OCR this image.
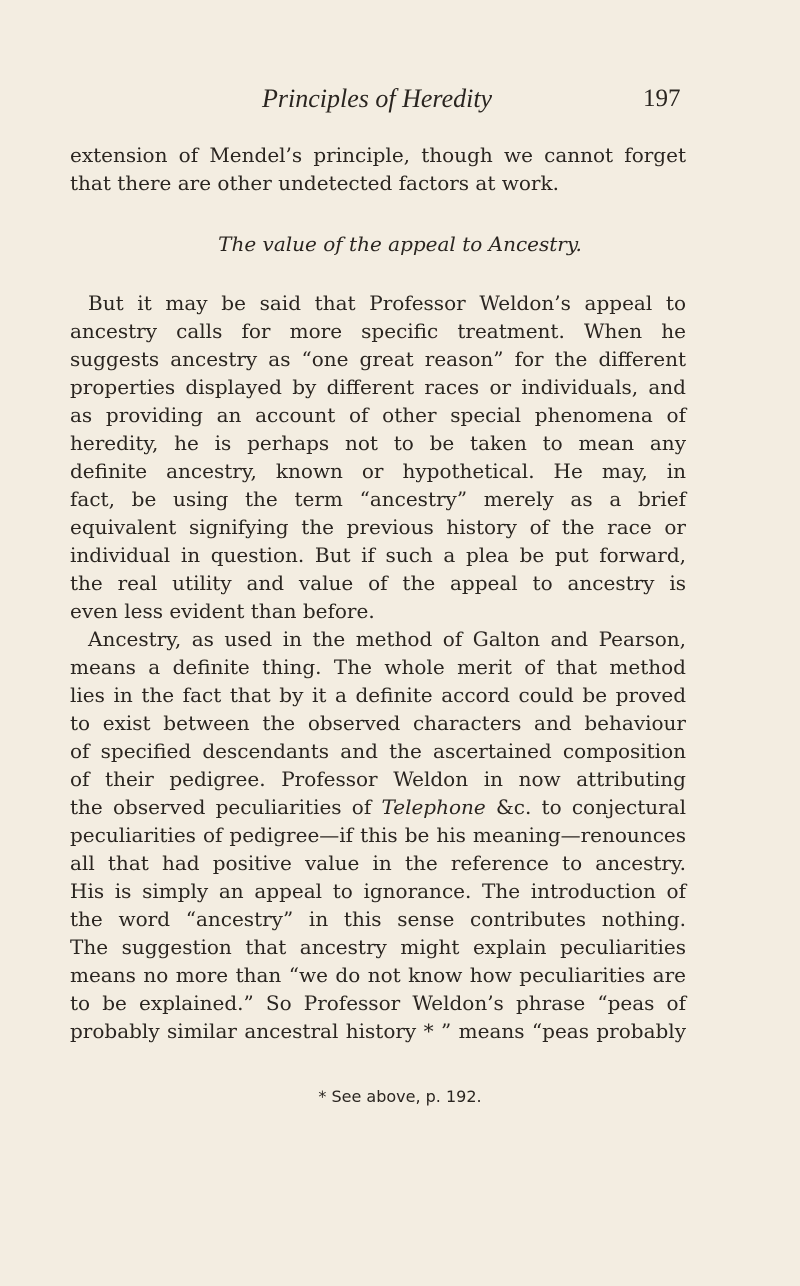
Principles of Heredity	197
extension of Mendel’s principle, though we cannot forget
that there are other undetected factors at work.
The value of the appeal to Ancestry.
But it may be said that Professor Weldon’s appeal to
ancestry calls for more specific treatment. When he
suggests ancestry as “one great reason” for the different
properties displayed by different races or individuals, and
as providing an account of other special phenomena of
heredity, he is perhaps not to be taken to mean any
definite ancestry, known or hypothetical. He may, in
fact, be using the term “ancestry” merely as a brief
equivalent signifying the previous history of the race or
individual in question. But if such a plea be put forward,
the real utility and value of the appeal to ancestry is
even less evident than before.
Ancestry, as used in the method of Galton and Pearson,
means a definite thing. The whole merit of that method
lies in the fact that by it a definite accord could be proved
to exist between the observed characters and behaviour
of specified descendants and the ascertained composition
of their pedigree. Professor Weldon in now attributing
the observed peculiarities of Telephone &c. to conjectural
peculiarities of pedigree—if this be his meaning—renounces
all that had positive value in the reference to ancestry.
His is simply an appeal to ignorance. The introduction of
the word “ancestry” in this sense contributes nothing.
The suggestion that ancestry might explain peculiarities
means no more than “we do not know how peculiarities are
to be explained.” So Professor Weldon’s phrase “peas of
probably similar ancestral history * ” means “peas probably
* See above, p. 192.
